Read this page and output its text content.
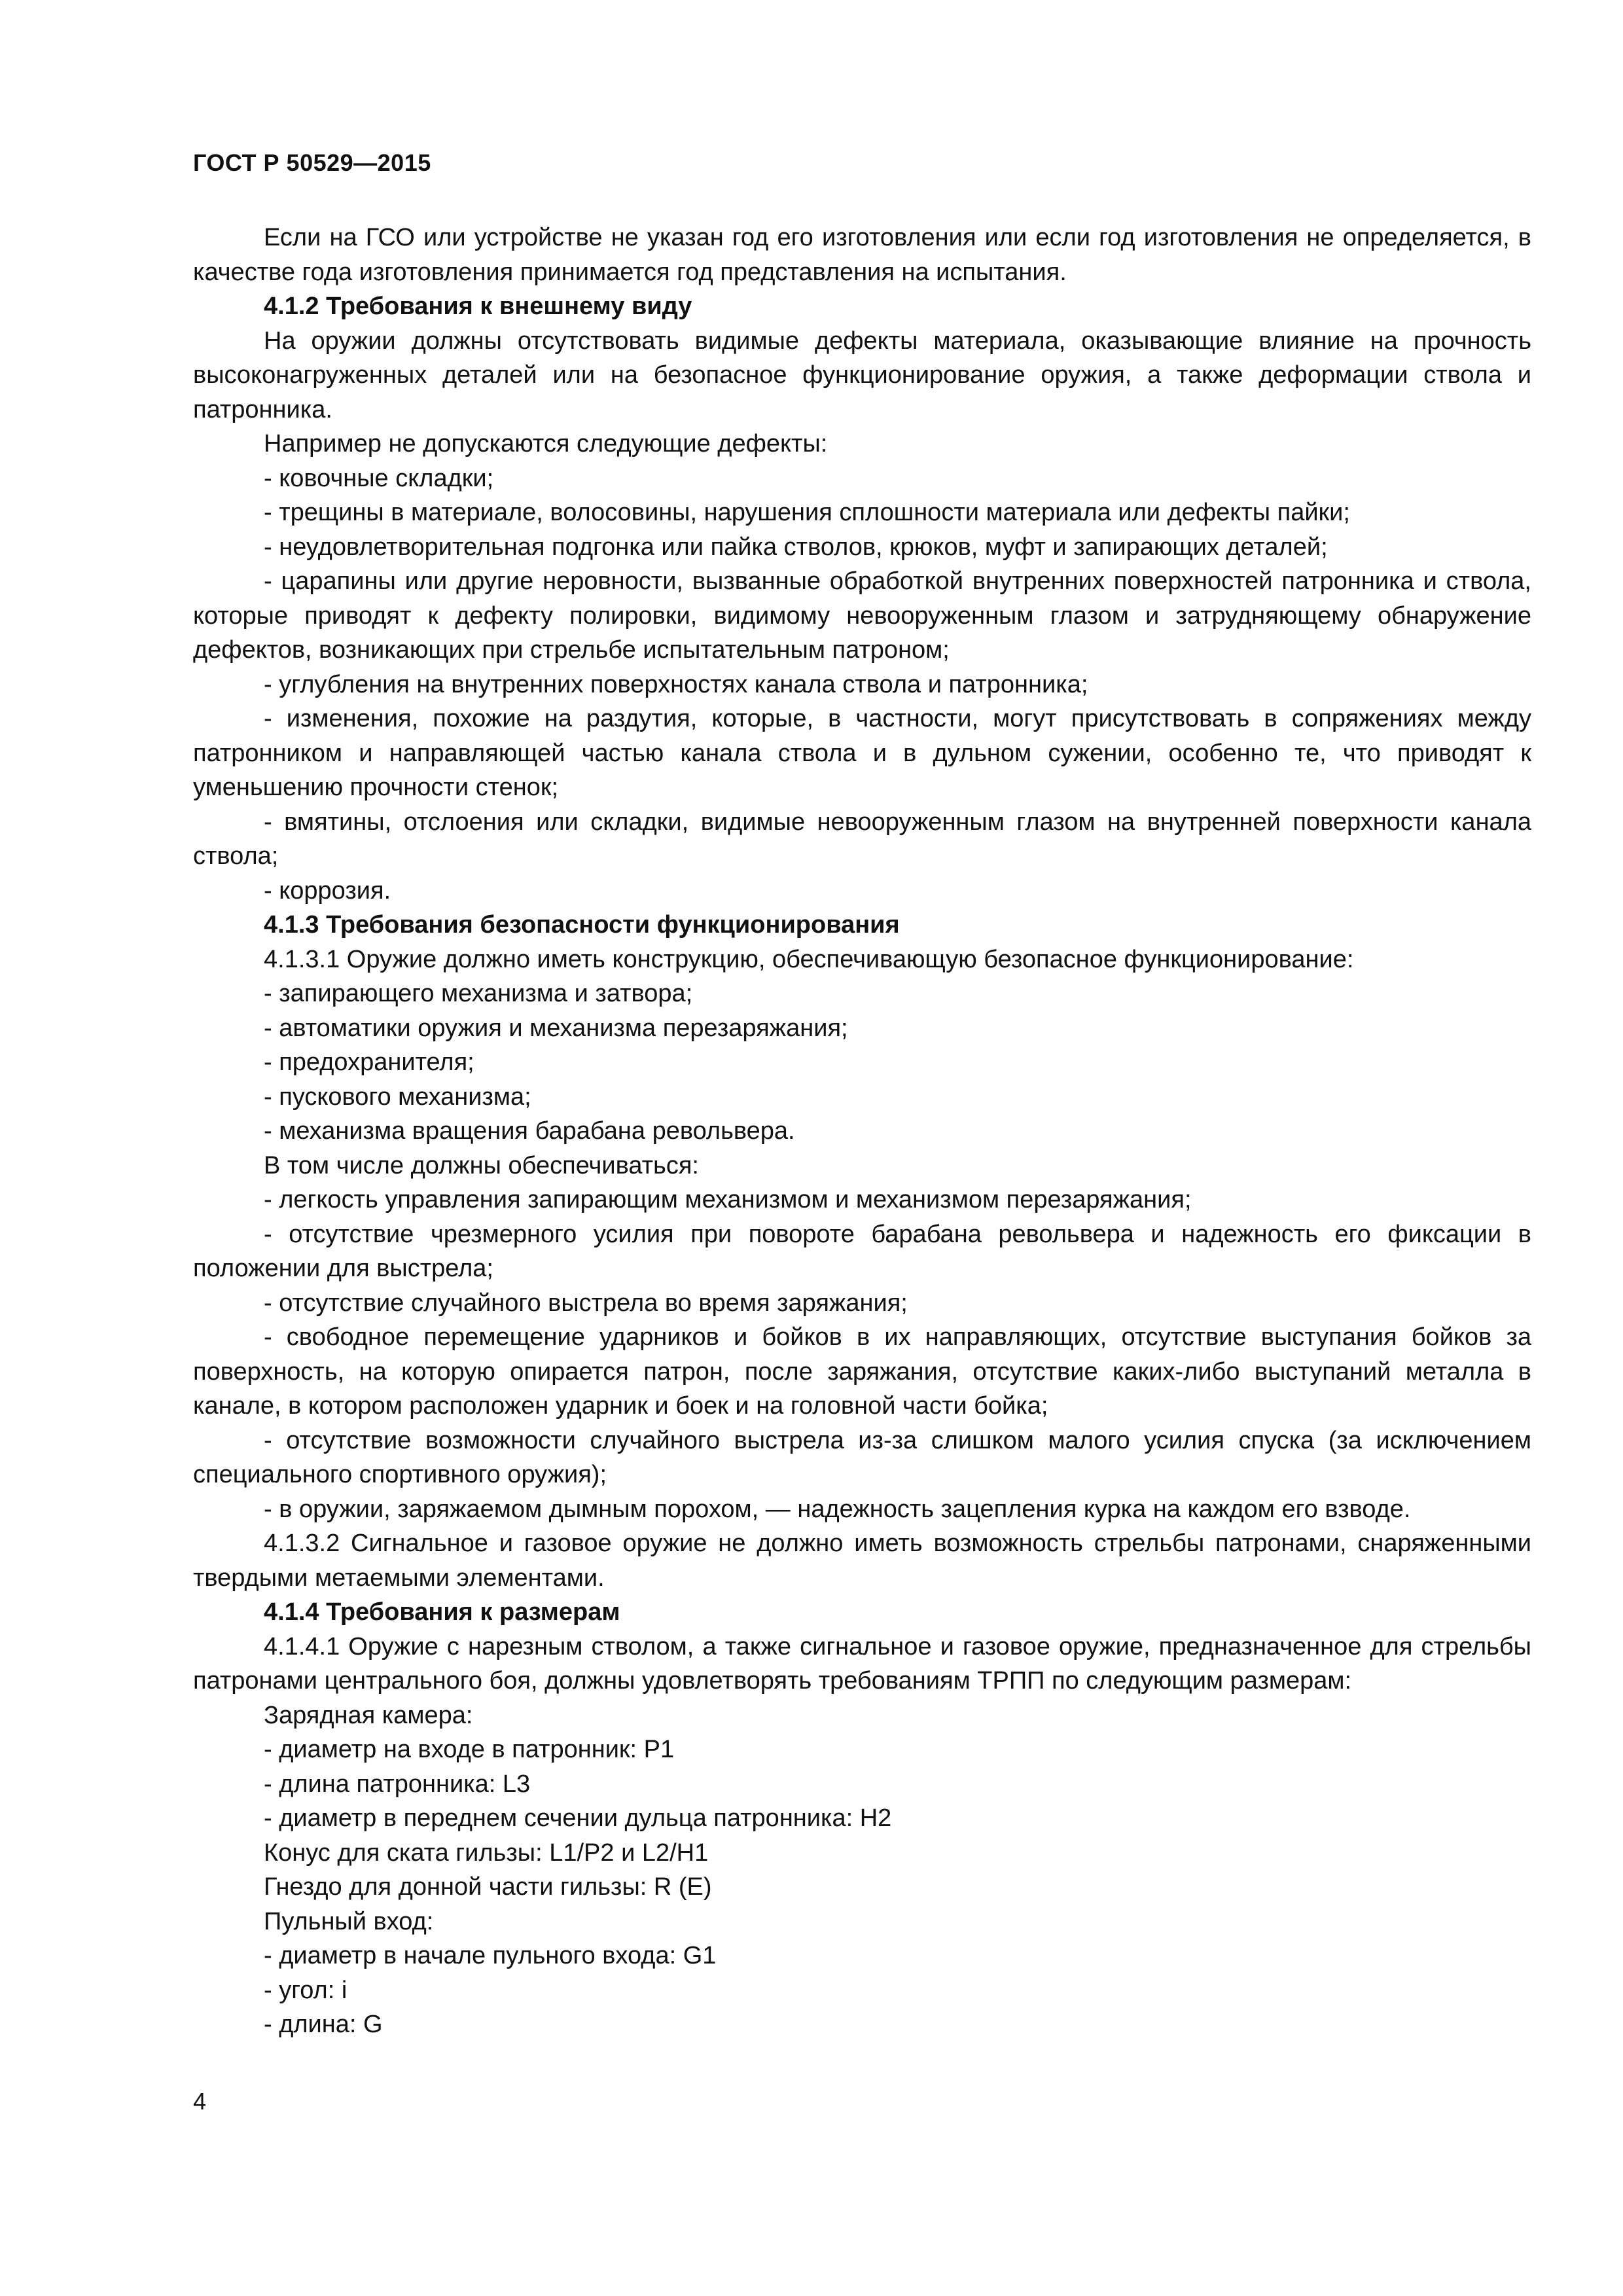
ГОСТ Р 50529—2015

Если на ГСО или устройстве не указан год его изготовления или если год изготовления не определяется, в качестве года изготовления принимается год представления на испытания.

4.1.2 Требования к внешнему виду

На оружии должны отсутствовать видимые дефекты материала, оказывающие влияние на прочность высоконагруженных деталей или на безопасное функционирование оружия, а также деформации ствола и патронника.

Например не допускаются следующие дефекты:

- ковочные складки;

- трещины в материале, волосовины, нарушения сплошности материала или дефекты пайки;

- неудовлетворительная подгонка или пайка стволов, крюков, муфт и запирающих деталей;

- царапины или другие неровности, вызванные обработкой внутренних поверхностей патронника и ствола, которые приводят к дефекту полировки, видимому невооруженным глазом и затрудняющему обнаружение дефектов, возникающих при стрельбе испытательным патроном;

- углубления на внутренних поверхностях канала ствола и патронника;

- изменения, похожие на раздутия, которые, в частности, могут присутствовать в сопряжениях между патронником и направляющей частью канала ствола и в дульном сужении, особенно те, что приводят к уменьшению прочности стенок;

- вмятины, отслоения или складки, видимые невооруженным глазом на внутренней поверхности канала ствола;

- коррозия.

4.1.3 Требования безопасности функционирования

4.1.3.1 Оружие должно иметь конструкцию, обеспечивающую безопасное функционирование:

- запирающего механизма и затвора;

- автоматики оружия и механизма перезаряжания;

- предохранителя;

- пускового механизма;

- механизма вращения барабана револьвера.

В том числе должны обеспечиваться:

- легкость управления запирающим механизмом и механизмом перезаряжания;

- отсутствие чрезмерного усилия при повороте барабана револьвера и надежность его фиксации в положении для выстрела;

- отсутствие случайного выстрела во время заряжания;

- свободное перемещение ударников и бойков в их направляющих, отсутствие выступания бойков за поверхность, на которую опирается патрон, после заряжания, отсутствие каких-либо выступаний металла в канале, в котором расположен ударник и боек и на головной части бойка;

- отсутствие возможности случайного выстрела из-за слишком малого усилия спуска (за исключением специального спортивного оружия);

- в оружии, заряжаемом дымным порохом, — надежность зацепления курка на каждом его взводе.

4.1.3.2 Сигнальное и газовое оружие не должно иметь возможность стрельбы патронами, снаряженными твердыми метаемыми элементами.

4.1.4 Требования к размерам

4.1.4.1 Оружие с нарезным стволом, а также сигнальное и газовое оружие, предназначенное для стрельбы патронами центрального боя, должны удовлетворять требованиям ТРПП по следующим размерам:

Зарядная камера:

- диаметр на входе в патронник: P1

- длина патронника: L3

- диаметр в переднем сечении дульца патронника: H2

Конус для ската гильзы: L1/P2 и L2/H1

Гнездо для донной части гильзы: R (E)

Пульный вход:

- диаметр в начале пульного входа: G1

- угол: i

- длина: G

4
